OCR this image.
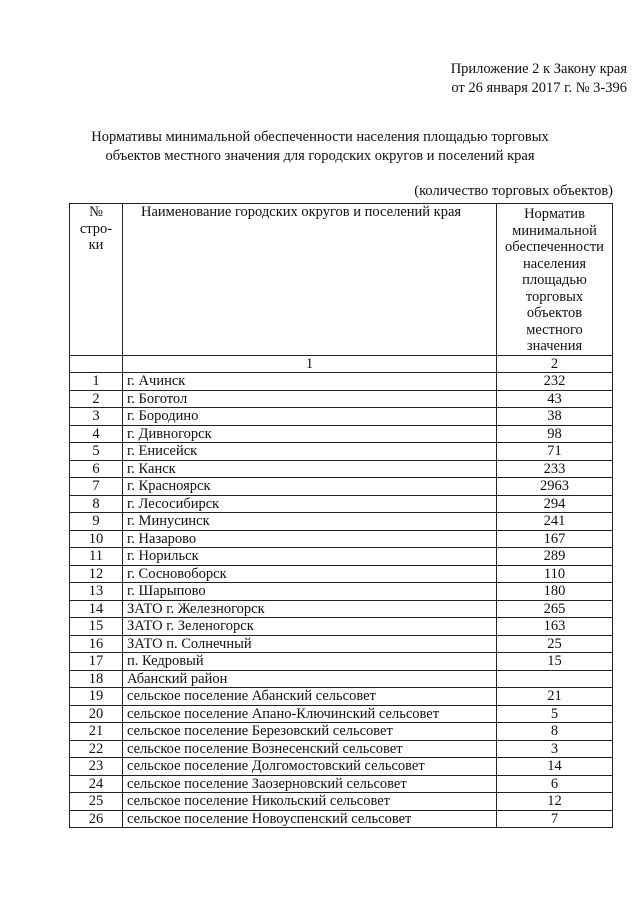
Приложение 2 к Закону края
от 26 января 2017 г. № 3-396
Нормативы минимальной обеспеченности населения площадью торговых
объектов местного значения для городских округов и поселений края
(количество торговых объектов)
№ стро-ки	Наименование городских округов и поселений края	Норматив минимальной обеспеченности населения площадью торговых объектов местного значения
	1	2
1	г. Ачинск	232
2	г. Боготол	43
3	г. Бородино	38
4	г. Дивногорск	98
5	г. Енисейск	71
6	г. Канск	233
7	г. Красноярск	2963
8	г. Лесосибирск	294
9	г. Минусинск	241
10	г. Назарово	167
11	г. Норильск	289
12	г. Сосновоборск	110
13	г. Шарыпово	180
14	ЗАТО г. Железногорск	265
15	ЗАТО г. Зеленогорск	163
16	ЗАТО п. Солнечный	25
17	п. Кедровый	15
18	Абанский район	
19	сельское поселение Абанский сельсовет	21
20	сельское поселение Апано-Ключинский сельсовет	5
21	сельское поселение Березовский сельсовет	8
22	сельское поселение Вознесенский сельсовет	3
23	сельское поселение Долгомостовский сельсовет	14
24	сельское поселение Заозерновский сельсовет	6
25	сельское поселение Никольский сельсовет	12
26	сельское поселение Новоуспенский сельсовет	7
